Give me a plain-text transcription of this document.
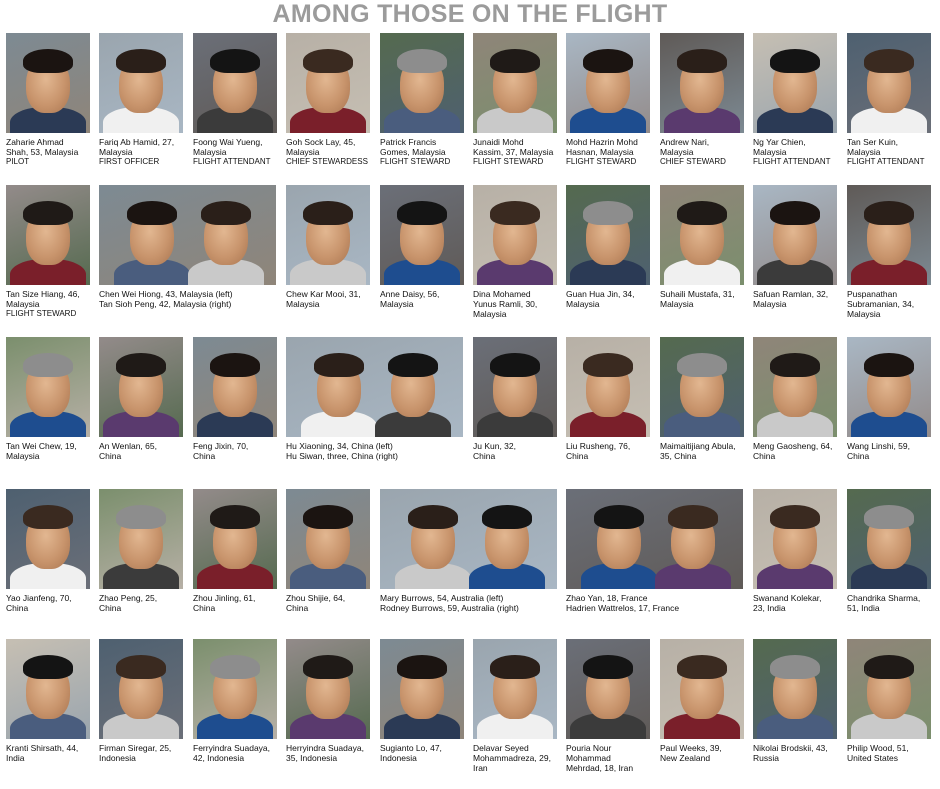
AMONG THOSE ON THE FLIGHT
Zaharie Ahmad
Shah, 53, Malaysia
PILOT
Fariq Ab Hamid, 27,
Malaysia
FIRST OFFICER
Foong Wai Yueng,
Malaysia
FLIGHT ATTENDANT
Goh Sock Lay, 45,
Malaysia
CHIEF STEWARDESS
Patrick Francis
Gomes, Malaysia
FLIGHT STEWARD
Junaidi Mohd
Kassim, 37, Malaysia
FLIGHT STEWARD
Mohd Hazrin Mohd
Hasnan, Malaysia
FLIGHT STEWARD
Andrew Nari,
Malaysia
CHIEF STEWARD
Ng Yar Chien,
Malaysia
FLIGHT ATTENDANT
Tan Ser Kuin,
Malaysia
FLIGHT ATTENDANT
Tan Size Hiang, 46,
Malaysia
FLIGHT STEWARD
Chen Wei Hiong, 43, Malaysia (left)
Tan Sioh Peng, 42, Malaysia (right)
Chew Kar Mooi, 31,
Malaysia
Anne Daisy, 56,
Malaysia
Dina Mohamed
Yunus Ramli, 30,
Malaysia
Guan Hua Jin, 34,
Malaysia
Suhaili Mustafa, 31,
Malaysia
Safuan Ramlan, 32,
Malaysia
Puspanathan
Subramanian, 34,
Malaysia
Tan Wei Chew, 19,
Malaysia
An Wenlan, 65,
China
Feng Jixin, 70,
China
Hu Xiaoning, 34, China (left)
Hu Siwan, three, China (right)
Ju Kun, 32,
China
Liu Rusheng, 76,
China
Maimaitijiang Abula,
35, China
Meng Gaosheng, 64,
China
Wang Linshi, 59,
China
Yao Jianfeng, 70,
China
Zhao Peng, 25,
China
Zhou Jinling, 61,
China
Zhou Shijie, 64,
China
Mary Burrows, 54, Australia (left)
Rodney Burrows, 59, Australia (right)
Zhao Yan, 18, France
Hadrien Wattrelos, 17, France
Swanand Kolekar,
23, India
Chandrika Sharma,
51, India
Kranti Shirsath, 44,
India
Firman Siregar, 25,
Indonesia
Ferryindra Suadaya,
42, Indonesia
Herryindra Suadaya,
35, Indonesia
Sugianto Lo, 47,
Indonesia
Delavar Seyed
Mohammadreza, 29,
Iran
Pouria Nour
Mohammad
Mehrdad, 18, Iran
Paul Weeks, 39,
New Zealand
Nikolai Brodskii, 43,
Russia
Philip Wood, 51,
United States
